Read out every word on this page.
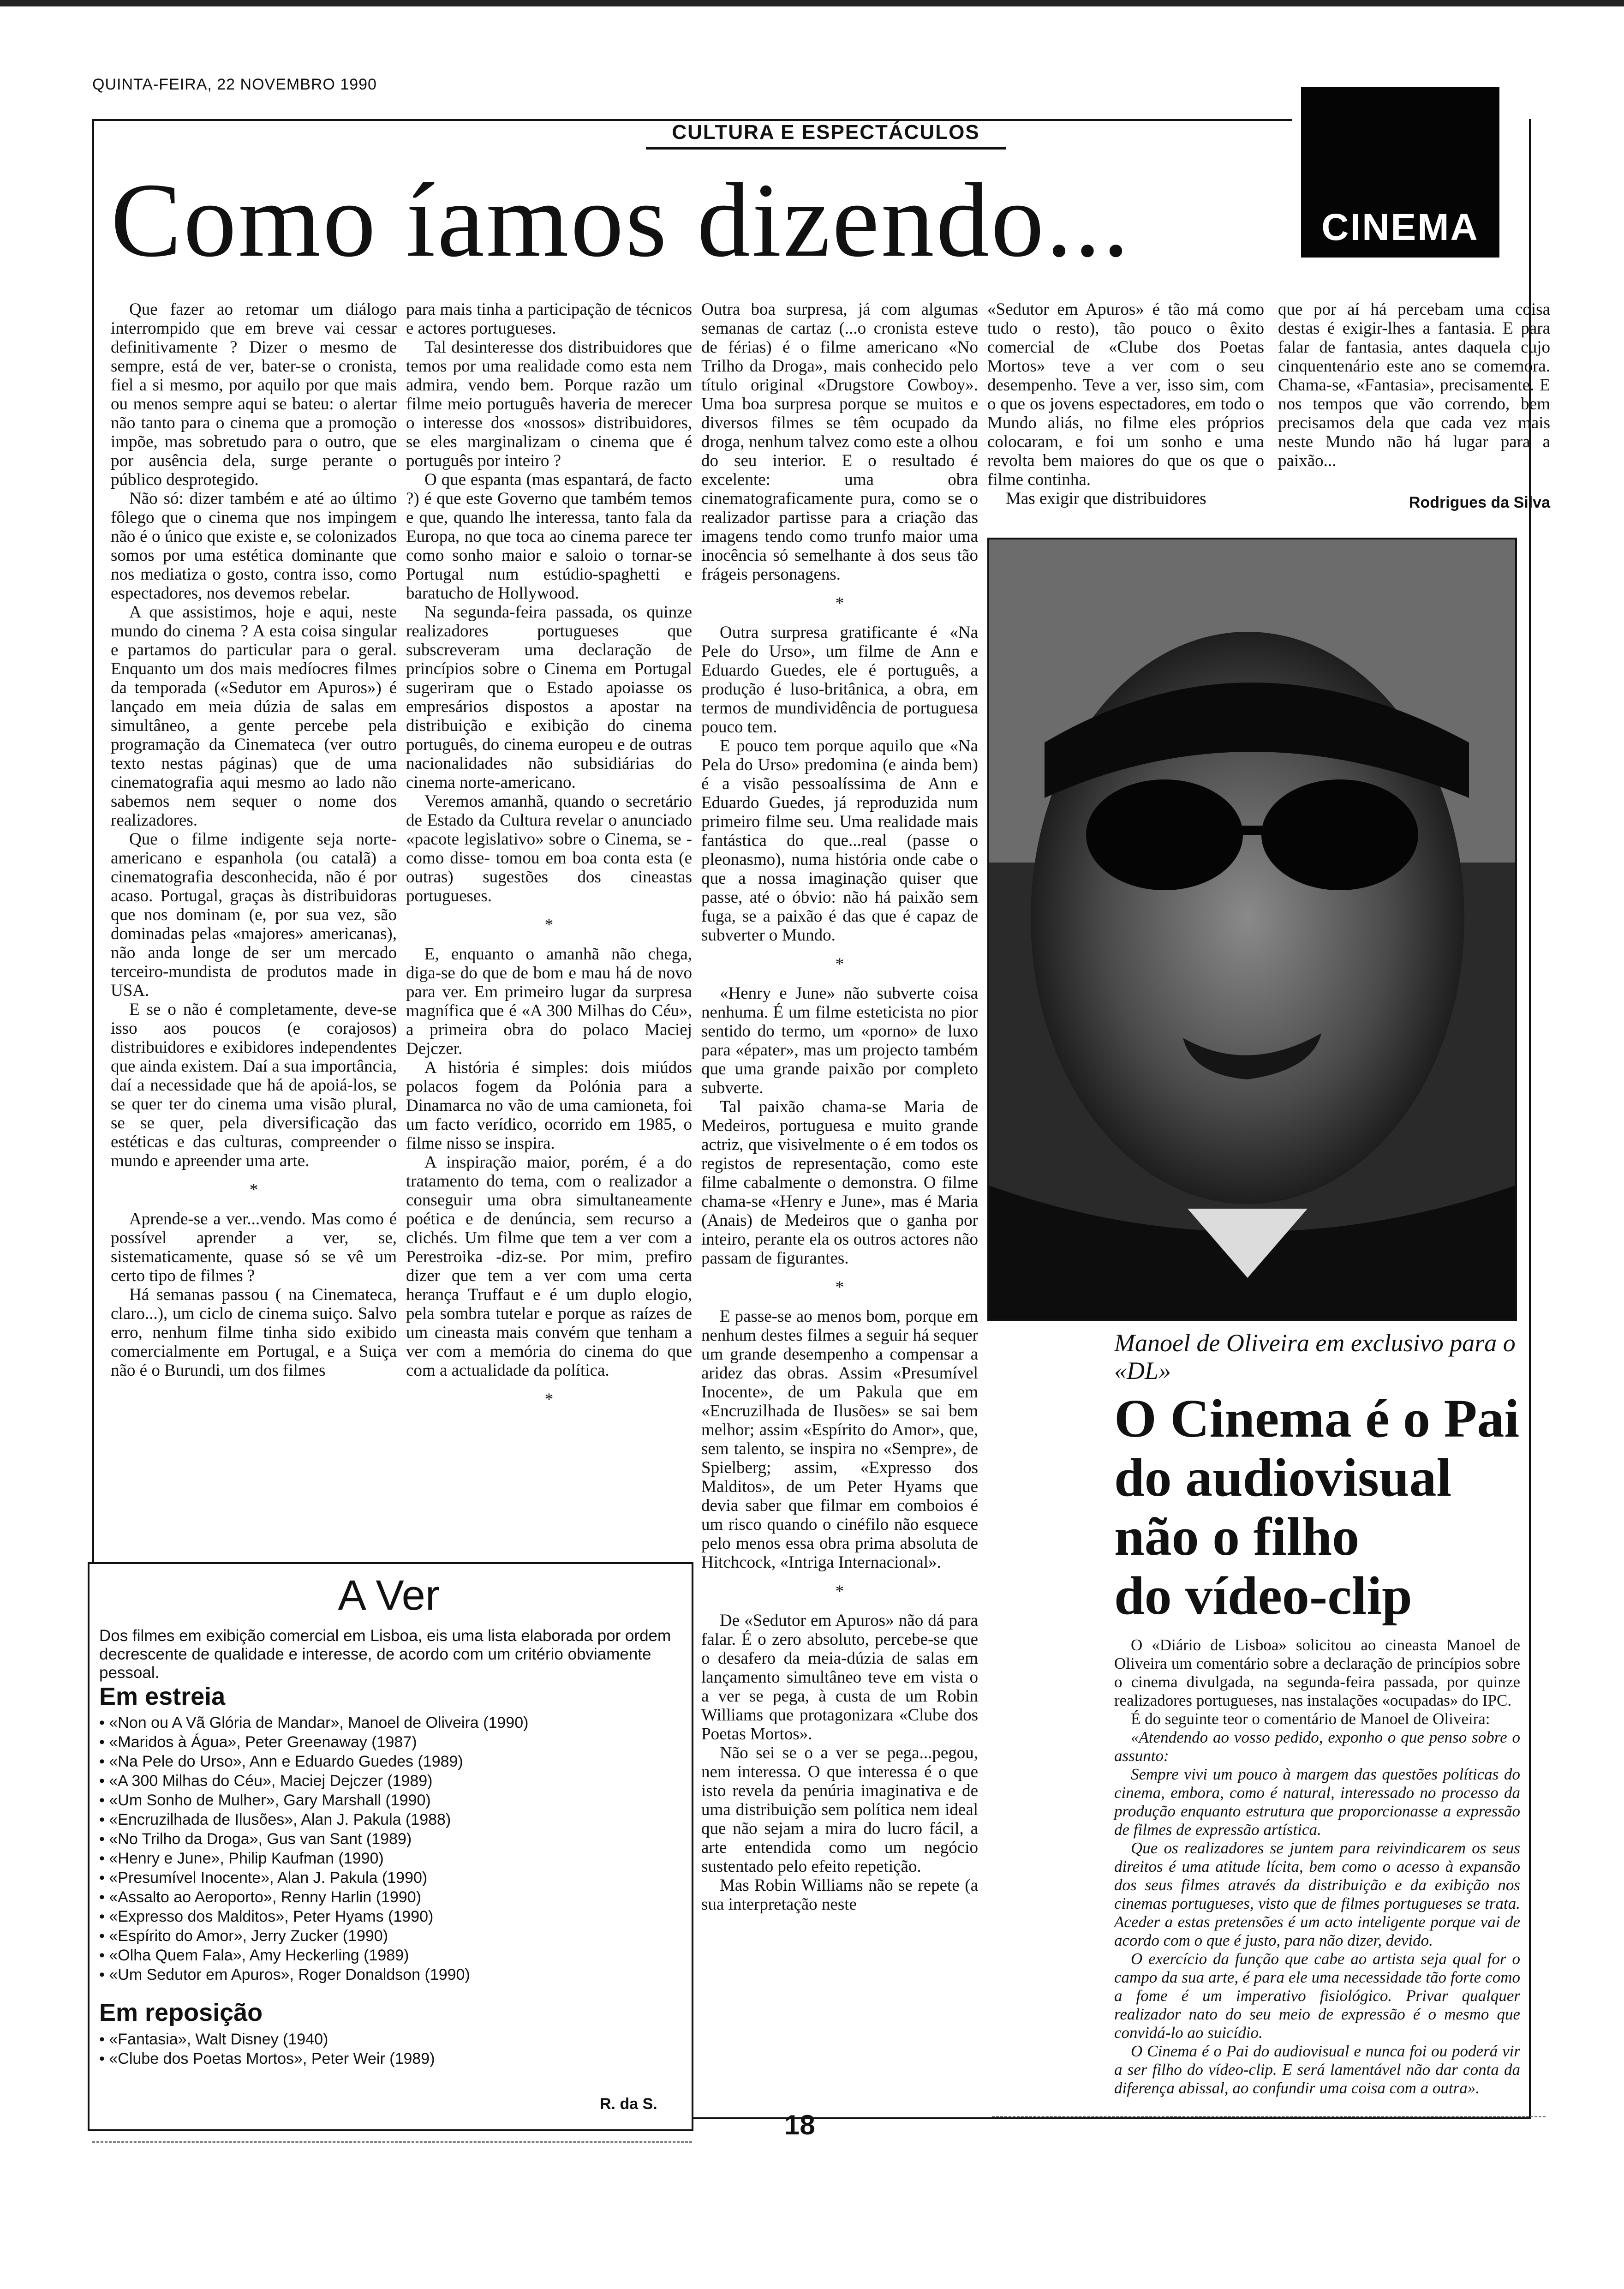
QUINTA-FEIRA, 22 NOVEMBRO 1990
CULTURA E ESPECTÁCULOS
Como íamos dizendo...	CINEMA

Que fazer ao retomar um diálogo interrompido que em breve vai cessar definitivamente ? Dizer o mesmo de sempre, está de ver, bater-se o cronista, fiel a si mesmo, por aquilo por que mais ou menos sempre aqui se bateu: o alertar não tanto para o cinema que a promoção impõe, mas sobretudo para o outro, que por ausência dela, surge perante o público desprotegido.

Não só: dizer também e até ao último fôlego que o cinema que nos impingem não é o único que existe e, se colonizados somos por uma estética dominante que nos mediatiza o gosto, contra isso, como espectadores, nos devemos rebelar.

A que assistimos, hoje e aqui, neste mundo do cinema ? A esta coisa singular e partamos do particular para o geral. Enquanto um dos mais medíocres filmes da temporada («Sedutor em Apuros») é lançado em meia dúzia de salas em simultâneo, a gente percebe pela programação da Cinemateca (ver outro texto nestas páginas) que de uma cinematografia aqui mesmo ao lado não sabemos nem sequer o nome dos realizadores.

Que o filme indigente seja norte-americano e espanhola (ou catalã) a cinematografia desconhecida, não é por acaso. Portugal, graças às distribuidoras que nos dominam (e, por sua vez, são dominadas pelas «majores» americanas), não anda longe de ser um mercado terceiro-mundista de produtos made in USA.

E se o não é completamente, deve-se isso aos poucos (e corajosos) distribuidores e exibidores independentes que ainda existem. Daí a sua importância, daí a necessidade que há de apoiá-los, se se quer ter do cinema uma visão plural, se se quer, pela diversificação das estéticas e das culturas, compreender o mundo e apreender uma arte.

*

Aprende-se a ver...vendo. Mas como é possível aprender a ver, se, sistematicamente, quase só se vê um certo tipo de filmes ?

Há semanas passou ( na Cinemateca, claro...), um ciclo de cinema suiço. Salvo erro, nenhum filme tinha sido exibido comercialmente em Portugal, e a Suiça não é o Burundi, um dos filmes

para mais tinha a participação de técnicos e actores portugueses.

Tal desinteresse dos distribuidores que temos por uma realidade como esta nem admira, vendo bem. Porque razão um filme meio português haveria de merecer o interesse dos «nossos» distribuidores, se eles marginalizam o cinema que é português por inteiro ?

O que espanta (mas espantará, de facto ?) é que este Governo que também temos e que, quando lhe interessa, tanto fala da Europa, no que toca ao cinema parece ter como sonho maior e saloio o tornar-se Portugal num estúdio-spaghetti e baratucho de Hollywood.

Na segunda-feira passada, os quinze realizadores portugueses que subscreveram uma declaração de princípios sobre o Cinema em Portugal sugeriram que o Estado apoiasse os empresários dispostos a apostar na distribuição e exibição do cinema português, do cinema europeu e de outras nacionalidades não subsidiárias do cinema norte-americano.

Veremos amanhã, quando o secretário de Estado da Cultura revelar o anunciado «pacote legislativo» sobre o Cinema, se -como disse- tomou em boa conta esta (e outras) sugestões dos cineastas portugueses.

*

E, enquanto o amanhã não chega, diga-se do que de bom e mau há de novo para ver. Em primeiro lugar da surpresa magnífica que é «A 300 Milhas do Céu», a primeira obra do polaco Maciej Dejczer.

A história é simples: dois miúdos polacos fogem da Polónia para a Dinamarca no vão de uma camioneta, foi um facto verídico, ocorrido em 1985, o filme nisso se inspira.

A inspiração maior, porém, é a do tratamento do tema, com o realizador a conseguir uma obra simultaneamente poética e de denúncia, sem recurso a clichés. Um filme que tem a ver com a Perestroika -diz-se. Por mim, prefiro dizer que tem a ver com uma certa herança Truffaut e é um duplo elogio, pela sombra tutelar e porque as raízes de um cineasta mais convém que tenham a ver com a memória do cinema do que com a actualidade da política.

*

Outra boa surpresa, já com algumas semanas de cartaz (...o cronista esteve de férias) é o filme americano «No Trilho da Droga», mais conhecido pelo título original «Drugstore Cowboy». Uma boa surpresa porque se muitos e diversos filmes se têm ocupado da droga, nenhum talvez como este a olhou do seu interior. E o resultado é excelente: uma obra cinematograficamente pura, como se o realizador partisse para a criação das imagens tendo como trunfo maior uma inocência só semelhante à dos seus tão frágeis personagens.

*

Outra surpresa gratificante é «Na Pele do Urso», um filme de Ann e Eduardo Guedes, ele é português, a produção é luso-britânica, a obra, em termos de mundividência de portuguesa pouco tem.

E pouco tem porque aquilo que «Na Pela do Urso» predomina (e ainda bem) é a visão pessoalíssima de Ann e Eduardo Guedes, já reproduzida num primeiro filme seu. Uma realidade mais fantástica do que...real (passe o pleonasmo), numa história onde cabe o que a nossa imaginação quiser que passe, até o óbvio: não há paixão sem fuga, se a paixão é das que é capaz de subverter o Mundo.

*

«Henry e June» não subverte coisa nenhuma. É um filme esteticista no pior sentido do termo, um «porno» de luxo para «épater», mas um projecto também que uma grande paixão por completo subverte.

Tal paixão chama-se Maria de Medeiros, portuguesa e muito grande actriz, que visivelmente o é em todos os registos de representação, como este filme cabalmente o demonstra. O filme chama-se «Henry e June», mas é Maria (Anais) de Medeiros que o ganha por inteiro, perante ela os outros actores não passam de figurantes.

*

E passe-se ao menos bom, porque em nenhum destes filmes a seguir há sequer um grande desempenho a compensar a aridez das obras. Assim «Presumível Inocente», de um Pakula que em «Encruzilhada de Ilusões» se sai bem melhor; assim «Espírito do Amor», que, sem talento, se inspira no «Sempre», de Spielberg; assim, «Expresso dos Malditos», de um Peter Hyams que devia saber que filmar em comboios é um risco quando o cinéfilo não esquece pelo menos essa obra prima absoluta de Hitchcock, «Intriga Internacional».

*

De «Sedutor em Apuros» não dá para falar. É o zero absoluto, percebe-se que o desafero da meia-dúzia de salas em lançamento simultâneo teve em vista o a ver se pega, à custa de um Robin Williams que protagonizara «Clube dos Poetas Mortos».

Não sei se o a ver se pega...pegou, nem interessa. O que interessa é o que isto revela da penúria imaginativa e de uma distribuição sem política nem ideal que não sejam a mira do lucro fácil, a arte entendida como um negócio sustentado pelo efeito repetição.

Mas Robin Williams não se repete (a sua interpretação neste

«Sedutor em Apuros» é tão má como tudo o resto), tão pouco o êxito comercial de «Clube dos Poetas Mortos» teve a ver com o seu desempenho. Teve a ver, isso sim, com o que os jovens espectadores, em todo o Mundo aliás, no filme eles próprios colocaram, e foi um sonho e uma revolta bem maiores do que os que o filme continha.

Mas exigir que distribuidores

que por aí há percebam uma coisa destas é exigir-lhes a fantasia. E para falar de fantasia, antes daquela cujo cinquentenário este ano se comemora. Chama-se, «Fantasia», precisamente. E nos tempos que vão correndo, bem precisamos dela que cada vez mais neste Mundo não há lugar para a paixão...

Rodrigues da Silva
Manoel de Oliveira em exclusivo para o «DL»
O Cinema é o Pai
do audiovisual
não o filho
do vídeo-clip

O «Diário de Lisboa» solicitou ao cineasta Manoel de Oliveira um comentário sobre a declaração de princípios sobre o cinema divulgada, na segunda-feira passada, por quinze realizadores portugueses, nas instalações «ocupadas» do IPC.

É do seguinte teor o comentário de Manoel de Oliveira:

«Atendendo ao vosso pedido, exponho o que penso sobre o assunto:

Sempre vivi um pouco à margem das questões políticas do cinema, embora, como é natural, interessado no processo da produção enquanto estrutura que proporcionasse a expressão de filmes de expressão artística.

Que os realizadores se juntem para reivindicarem os seus direitos é uma atitude lícita, bem como o acesso à expansão dos seus filmes através da distribuição e da exibição nos cinemas portugueses, visto que de filmes portugueses se trata. Aceder a estas pretensões é um acto inteligente porque vai de acordo com o que é justo, para não dizer, devido.

O exercício da função que cabe ao artista seja qual for o campo da sua arte, é para ele uma necessidade tão forte como a fome é um imperativo fisiológico. Privar qualquer realizador nato do seu meio de expressão é o mesmo que convidá-lo ao suicídio.

O Cinema é o Pai do audiovisual e nunca foi ou poderá vir a ser filho do vídeo-clip. E será lamentável não dar conta da diferença abissal, ao confundir uma coisa com a outra».

A Ver
Dos filmes em exibição comercial em Lisboa, eis uma lista elaborada por ordem decrescente de qualidade e interesse, de acordo com um critério obviamente pessoal.
Em estreia
• «Non ou A Vã Glória de Mandar», Manoel de Oliveira (1990)
• «Maridos à Água», Peter Greenaway (1987)
• «Na Pele do Urso», Ann e Eduardo Guedes (1989)
• «A 300 Milhas do Céu», Maciej Dejczer (1989)
• «Um Sonho de Mulher», Gary Marshall (1990)
• «Encruzilhada de Ilusões», Alan J. Pakula (1988)
• «No Trilho da Droga», Gus van Sant (1989)
• «Henry e June», Philip Kaufman (1990)
• «Presumível Inocente», Alan J. Pakula (1990)
• «Assalto ao Aeroporto», Renny Harlin (1990)
• «Expresso dos Malditos», Peter Hyams (1990)
• «Espírito do Amor», Jerry Zucker (1990)
• «Olha Quem Fala», Amy Heckerling (1989)
• «Um Sedutor em Apuros», Roger Donaldson (1990)
Em reposição
• «Fantasia», Walt Disney (1940)
• «Clube dos Poetas Mortos», Peter Weir (1989)
R. da S.
18
